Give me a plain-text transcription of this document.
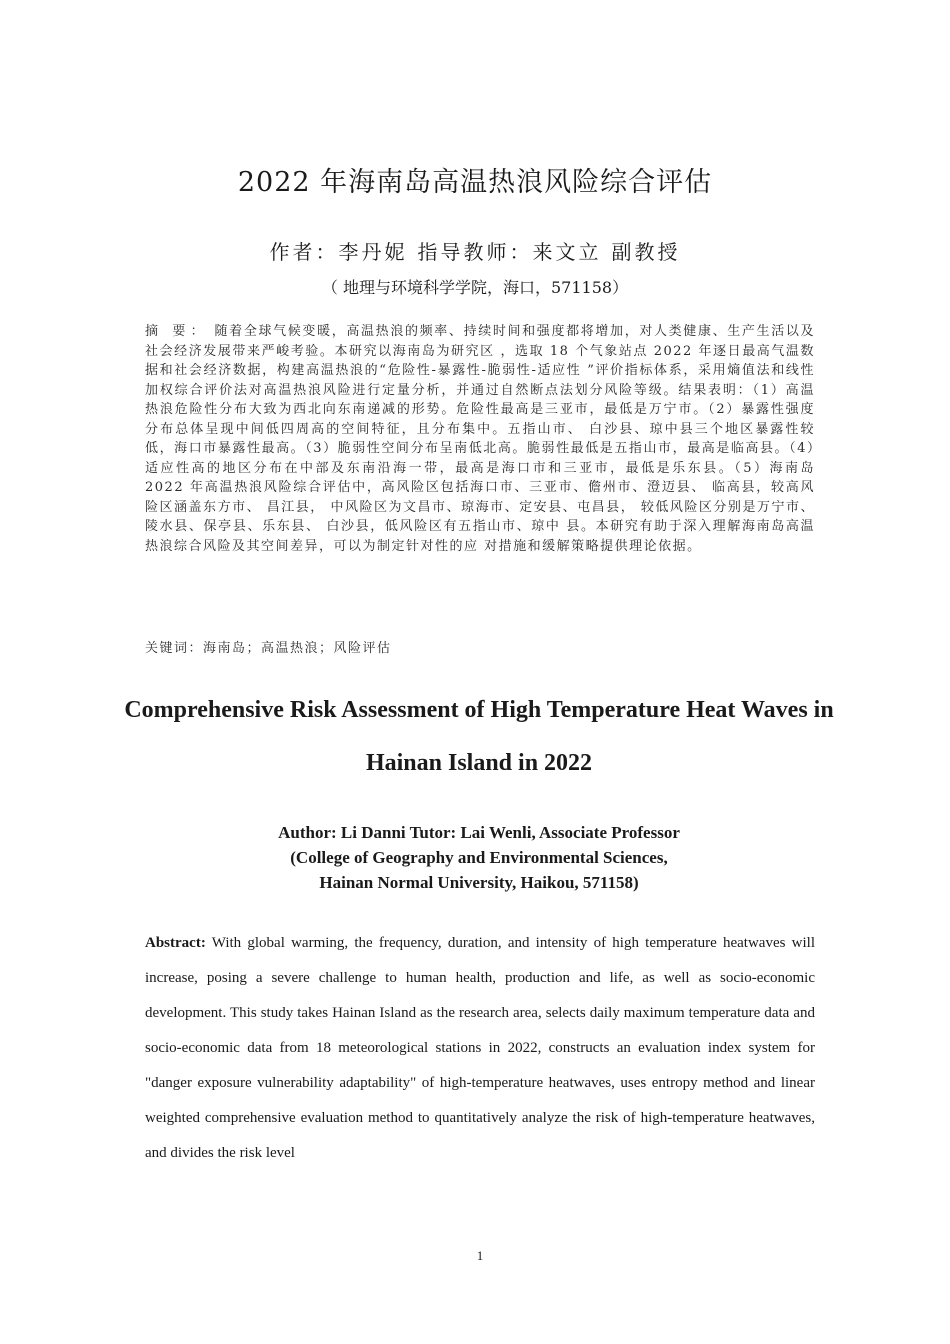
2022 年海南岛高温热浪风险综合评估
作者：李丹妮 指导教师：来文立 副教授
（ 地理与环境科学学院，海口，571158）
摘 要： 随着全球气候变暖，高温热浪的频率、持续时间和强度都将增加，对人类健康、生产生活以及社会经济发展带来严峻考验。本研究以海南岛为研究区 ，选取 18 个气象站点 2022 年逐日最高气温数据和社会经济数据，构建高温热浪的“危险性-暴露性-脆弱性-适应性 ”评价指标体系，采用熵值法和线性加权综合评价法对高温热浪风险进行定量分析，并通过自然断点法划分风险等级。结果表明：（1）高温热浪危险性分布大致为西北向东南递减的形势。危险性最高是三亚市，最低是万宁市。（2）暴露性强度分布总体呈现中间低四周高的空间特征，且分布集中。五指山市、 白沙县、琼中县三个地区暴露性较低，海口市暴露性最高。（3）脆弱性空间分布呈南低北高。脆弱性最低是五指山市，最高是临高县。（4）适应性高的地区分布在中部及东南沿海一带，最高是海口市和三亚市，最低是乐东县。（5）海南岛 2022 年高温热浪风险综合评估中，高风险区包括海口市、三亚市、儋州市、澄迈县、 临高县，较高风险区涵盖东方市、 昌江县， 中风险区为文昌市、琼海市、定安县、屯昌县， 较低风险区分别是万宁市、陵水县、保亭县、乐东县、 白沙县，低风险区有五指山市、琼中 县。本研究有助于深入理解海南岛高温热浪综合风险及其空间差异，可以为制定针对性的应 对措施和缓解策略提供理论依据。
关键词：海南岛；高温热浪；风险评估
Comprehensive Risk Assessment of High Temperature Heat Waves in Hainan Island in 2022
Author: Li Danni Tutor: Lai Wenli, Associate Professor
(College of Geography and Environmental Sciences,
Hainan Normal University, Haikou, 571158)
Abstract: With global warming, the frequency, duration, and intensity of high temperature heatwaves will increase, posing a severe challenge to human health, production and life, as well as socio-economic development. This study takes Hainan Island as the research area, selects daily maximum temperature data and socio-economic data from 18 meteorological stations in 2022, constructs an evaluation index system for "danger exposure vulnerability adaptability" of high-temperature heatwaves, uses entropy method and linear weighted comprehensive evaluation method to quantitatively analyze the risk of high-temperature heatwaves, and divides the risk level
1
